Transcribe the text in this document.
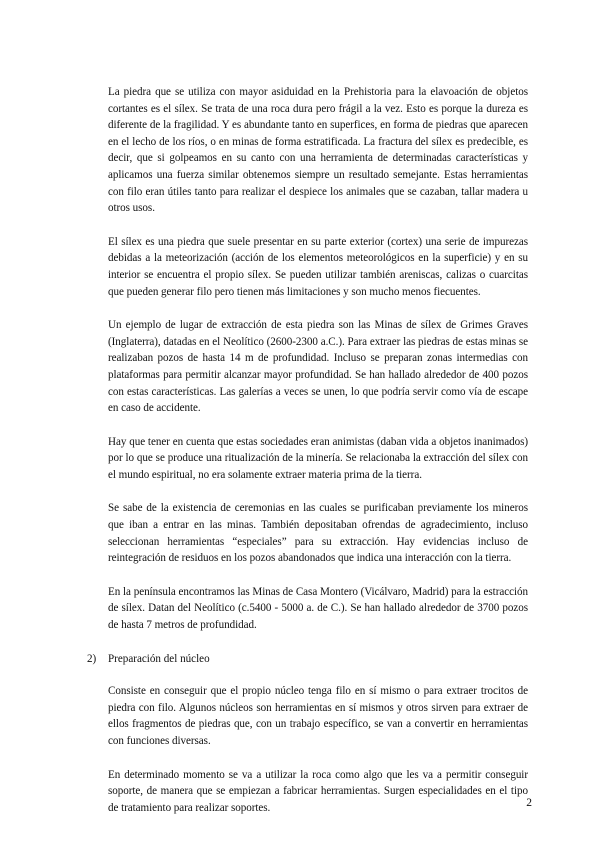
La piedra que se utiliza con mayor asiduidad en la Prehistoria para la elavoación de objetos cortantes es el sílex. Se trata de una roca dura pero frágil a la vez. Esto es porque la dureza es diferente de la fragilidad. Y es abundante tanto en superfices, en forma de piedras que aparecen en el lecho de los ríos, o en minas de forma estratificada. La fractura del sílex es predecible, es decir, que si golpeamos en su canto con una herramienta de determinadas características y aplicamos una fuerza similar obtenemos siempre un resultado semejante. Estas herramientas con filo eran útiles tanto para realizar el despiece los animales que se cazaban, tallar madera u otros usos.

El sílex es una piedra que suele presentar en su parte exterior (cortex) una serie de impurezas debidas a la meteorización (acción de los elementos meteorológicos en la superficie) y en su interior se encuentra el propio sílex. Se pueden utilizar también areniscas, calizas o cuarcitas que pueden generar filo pero tienen más limitaciones y son mucho menos fiecuentes.

Un ejemplo de lugar de extracción de esta piedra son las Minas de sílex de Grimes Graves (Inglaterra), datadas en el Neolítico (2600-2300 a.C.). Para extraer las piedras de estas minas se realizaban pozos de hasta 14 m de profundidad. Incluso se preparan zonas intermedias con plataformas para permitir alcanzar mayor profundidad. Se han hallado alrededor de 400 pozos con estas características. Las galerías a veces se unen, lo que podría servir como vía de escape en caso de accidente.

Hay que tener en cuenta que estas sociedades eran animistas (daban vida a objetos inanimados) por lo que se produce una ritualización de la minería. Se relacionaba la extracción del sílex con el mundo espiritual, no era solamente extraer materia prima de la tierra.

Se sabe de la existencia de ceremonias en las cuales se purificaban previamente los mineros que iban a entrar en las minas. También depositaban ofrendas de agradecimiento, incluso seleccionan herramientas “especiales” para su extracción. Hay evidencias incluso de reintegración de residuos en los pozos abandonados que indica una interacción con la tierra.

En la península encontramos las Minas de Casa Montero (Vicálvaro, Madrid) para la estracción de sílex. Datan del Neolítico (c.5400 - 5000 a. de C.). Se han hallado alrededor de 3700 pozos de hasta 7 metros de profundidad.

2) Preparación del núcleo

Consiste en conseguir que el propio núcleo tenga filo en sí mismo o para extraer trocitos de piedra con filo. Algunos núcleos son herramientas en sí mismos y otros sirven para extraer de ellos fragmentos de piedras que, con un trabajo específico, se van a convertir en herramientas con funciones diversas.

En determinado momento se va a utilizar la roca como algo que les va a permitir conseguir soporte, de manera que se empiezan a fabricar herramientas. Surgen especialidades en el tipo de tratamiento para realizar soportes.	2
